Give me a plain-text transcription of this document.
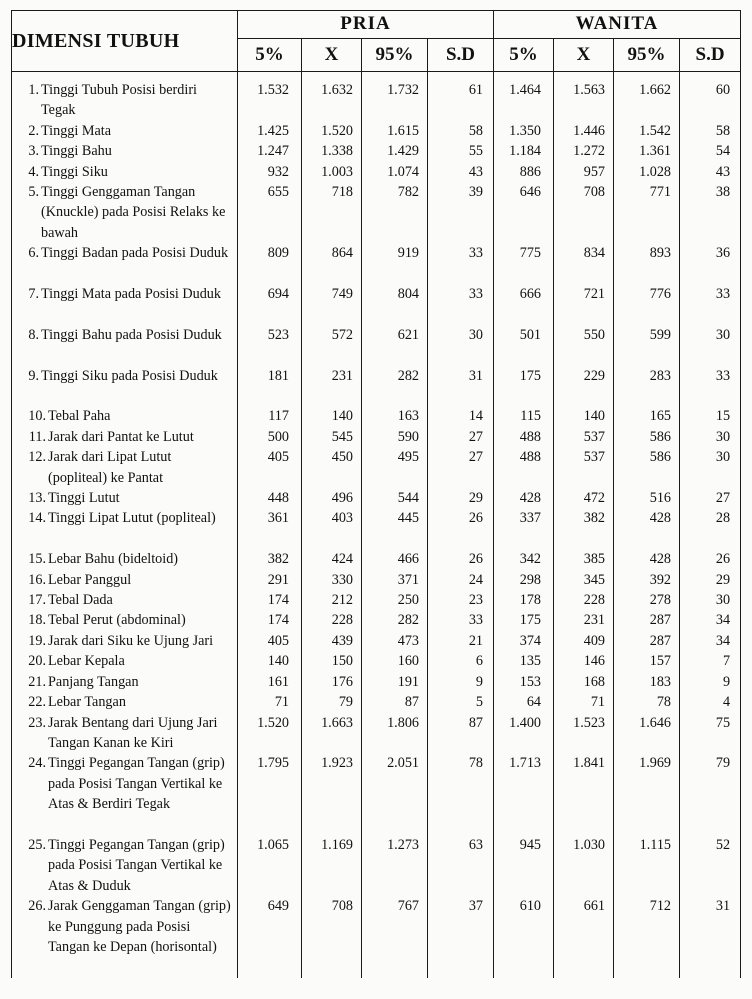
DIMENSI TUBUH	PRIA				WANITA			
	5%	X	95%	S.D	5%	X	95%	S.D

1. Tinggi Tubuh Posisi berdiri Tegak	1.532	1.632	1.732	61	1.464	1.563	1.662	60

2. Tinggi Mata	1.425	1.520	1.615	58	1.350	1.446	1.542	58

3. Tinggi Bahu	1.247	1.338	1.429	55	1.184	1.272	1.361	54

4. Tinggi Siku	932	1.003	1.074	43	886	957	1.028	43

5. Tinggi Genggaman Tangan (Knuckle) pada Posisi Relaks ke bawah	655	718	782	39	646	708	771	38

6. Tinggi Badan pada Posisi Duduk	809	864	919	33	775	834	893	36

7. Tinggi Mata pada Posisi Duduk	694	749	804	33	666	721	776	33

8. Tinggi Bahu pada Posisi Duduk	523	572	621	30	501	550	599	30

9. Tinggi Siku pada Posisi Duduk	181	231	282	31	175	229	283	33

10. Tebal Paha	117	140	163	14	115	140	165	15

11. Jarak dari Pantat ke Lutut	500	545	590	27	488	537	586	30

12. Jarak dari Lipat Lutut (popliteal) ke Pantat	405	450	495	27	488	537	586	30

13. Tinggi Lutut	448	496	544	29	428	472	516	27

14. Tinggi Lipat Lutut (popliteal)	361	403	445	26	337	382	428	28

15. Lebar Bahu (bideltoid)	382	424	466	26	342	385	428	26

16. Lebar Panggul	291	330	371	24	298	345	392	29

17. Tebal Dada	174	212	250	23	178	228	278	30

18. Tebal Perut (abdominal)	174	228	282	33	175	231	287	34

19. Jarak dari Siku ke Ujung Jari	405	439	473	21	374	409	287	34

20. Lebar Kepala	140	150	160	6	135	146	157	7

21. Panjang Tangan	161	176	191	9	153	168	183	9

22. Lebar Tangan	71	79	87	5	64	71	78	4

23. Jarak Bentang dari Ujung Jari Tangan Kanan ke Kiri	1.520	1.663	1.806	87	1.400	1.523	1.646	75

24. Tinggi Pegangan Tangan (grip) pada Posisi Tangan Vertikal ke Atas & Berdiri Tegak	1.795	1.923	2.051	78	1.713	1.841	1.969	79

25. Tinggi Pegangan Tangan (grip) pada Posisi Tangan Vertikal ke Atas & Duduk	1.065	1.169	1.273	63	945	1.030	1.115	52

26. Jarak Genggaman Tangan (grip) ke Punggung pada Posisi Tangan ke Depan (horisontal)	649	708	767	37	610	661	712	31
